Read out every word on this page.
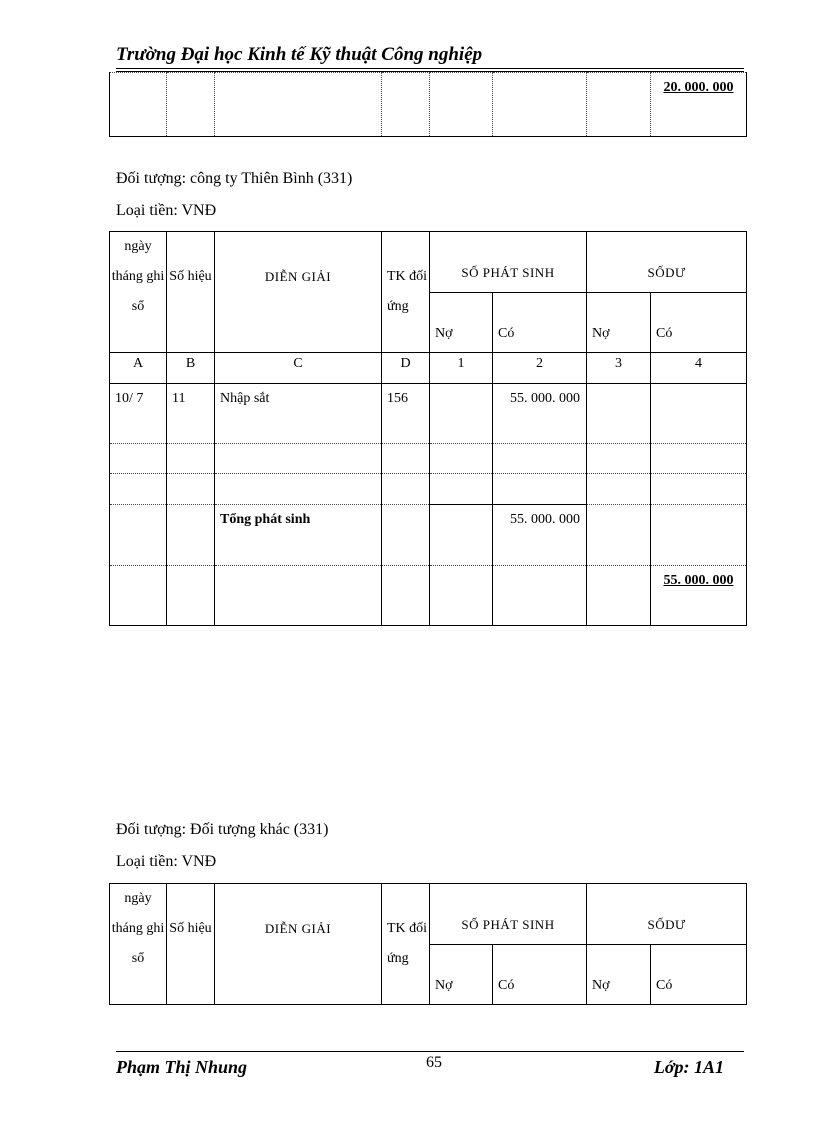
Trường Đại học Kinh tế Kỹ thuật Công nghiệp
							20. 000. 000
Đối tượng: công ty Thiên Bình (331)
Loại tiền: VNĐ
ngày tháng ghi sổ	Số hiệu	DIỄN GIẢI	TK đối ứng	SỐ PHÁT SINH		SỐDƯ	
				Nợ	Có	Nợ	Có
A	B	C	D	1	2	3	4
10/ 7	11	Nhập sắt	156		55. 000. 000		

		Tổng phát sinh			55. 000. 000		
							55. 000. 000
Đối tượng: Đối tượng khác (331)
Loại tiền: VNĐ
ngày tháng ghi sổ	Số hiệu	DIỄN GIẢI	TK đối ứng	SỐ PHÁT SINH		SỐDƯ	
				Nợ	Có	Nợ	Có
Phạm Thị Nhung	65	Lớp: 1A1
